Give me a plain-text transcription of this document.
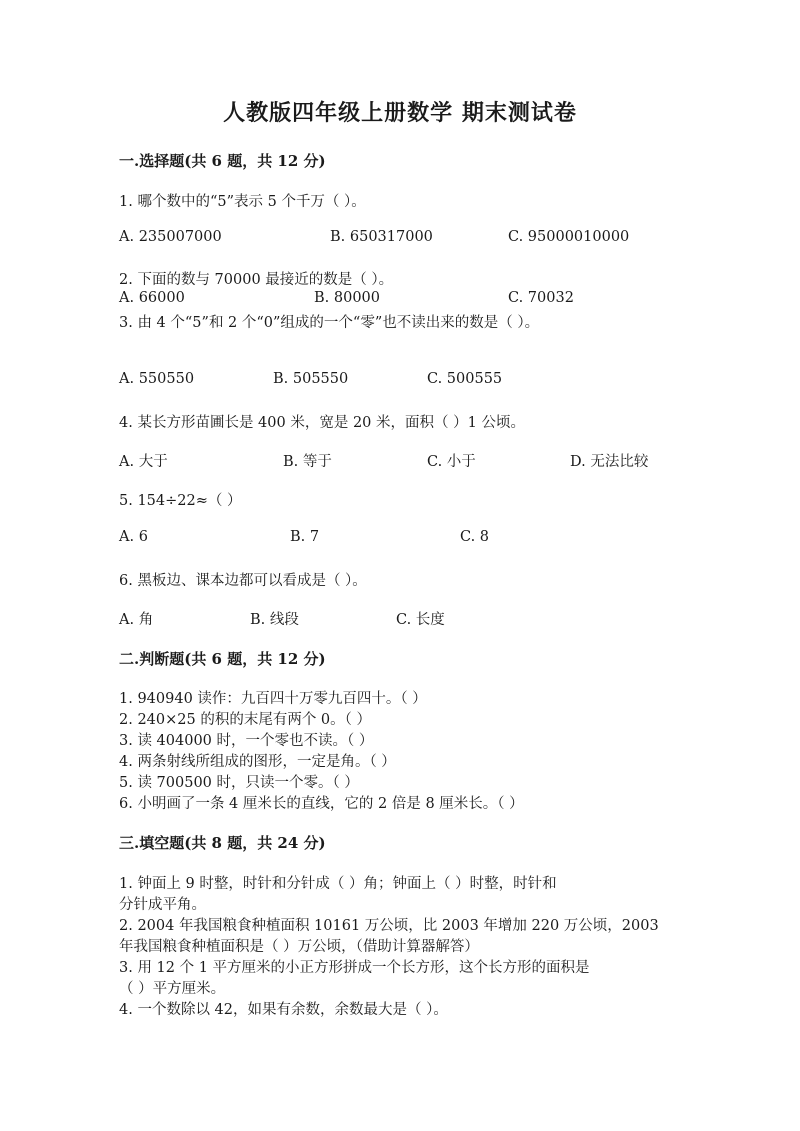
人教版四年级上册数学 期末测试卷
一.选择题(共 6 题，共 12 分)
1. 哪个数中的“5”表示 5 个千万（ ）。
A. 235007000	B. 650317000	C. 95000010000
2. 下面的数与 70000 最接近的数是（ ）。
A. 66000	B. 80000	C. 70032
3. 由 4 个“5”和 2 个“0”组成的一个“零”也不读出来的数是（ ）。
A. 550550	B. 505550	C. 500555
4. 某长方形苗圃长是 400 米，宽是 20 米，面积（ ）1 公顷。
A. 大于	B. 等于	C. 小于	D. 无法比较
5. 154÷22≈（ ）
A. 6	B. 7	C. 8
6. 黑板边、课本边都可以看成是（ ）。
A. 角	B. 线段	C. 长度
二.判断题(共 6 题，共 12 分)
1. 940940 读作：九百四十万零九百四十。（ ）
2. 240×25 的积的末尾有两个 0。（ ）
3. 读 404000 时，一个零也不读。（ ）
4. 两条射线所组成的图形，一定是角。（ ）
5. 读 700500 时，只读一个零。（ ）
6. 小明画了一条 4 厘米长的直线，它的 2 倍是 8 厘米长。（ ）
三.填空题(共 8 题，共 24 分)
1. 钟面上 9 时整，时针和分针成（ ）角；钟面上（ ）时整，时针和
分针成平角。
2. 2004 年我国粮食种植面积 10161 万公顷，比 2003 年增加 220 万公顷，2003
年我国粮食种植面积是（ ）万公顷，（借助计算器解答）
3. 用 12 个 1 平方厘米的小正方形拼成一个长方形，这个长方形的面积是
（ ）平方厘米。
4. 一个数除以 42，如果有余数，余数最大是（ ）。
